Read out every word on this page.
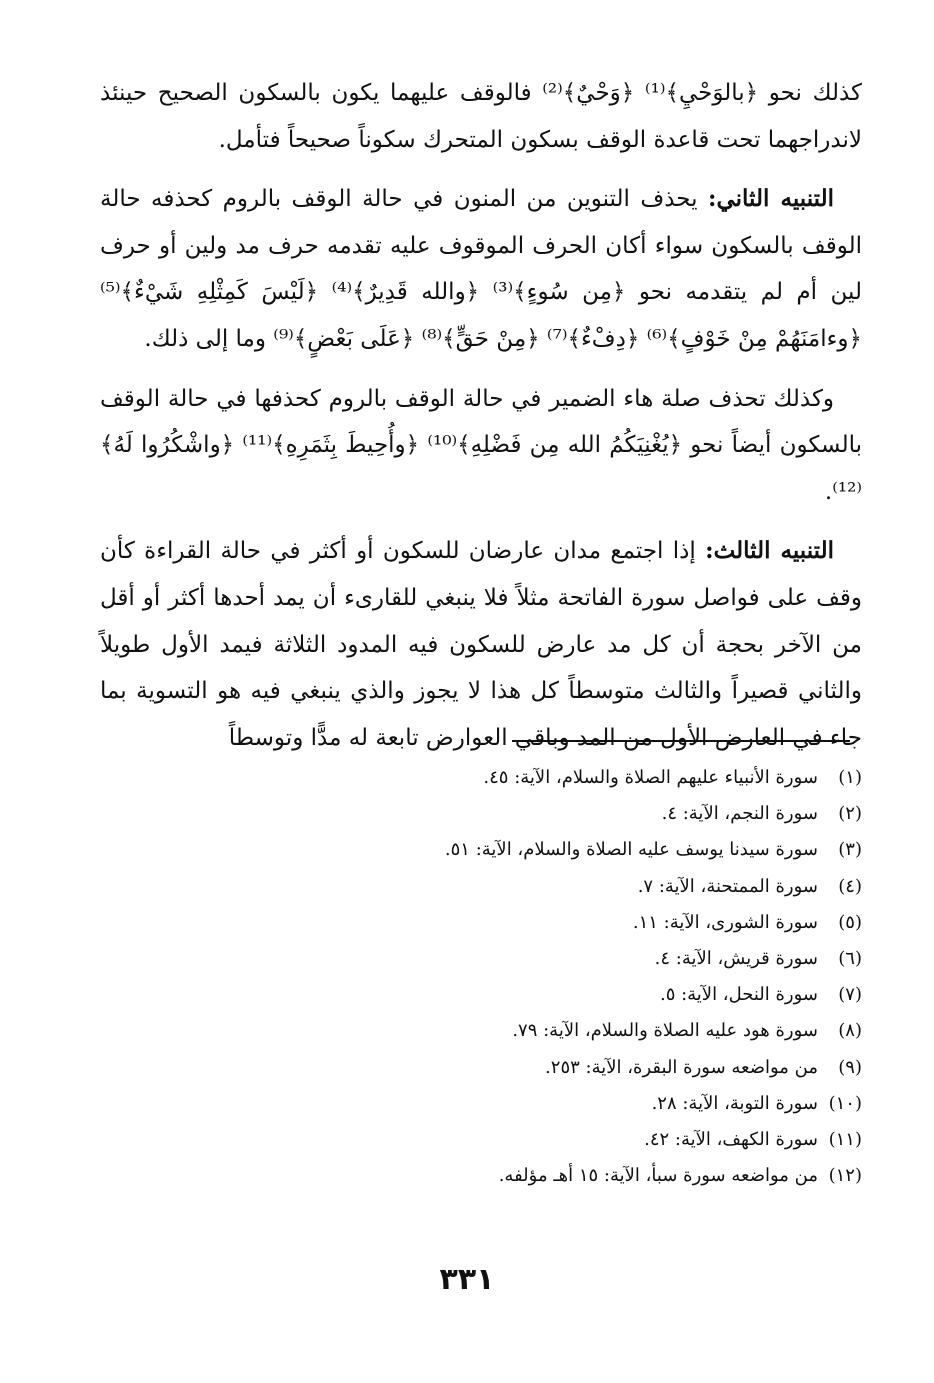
كذلك نحو ﴿بالوَحْيِ﴾⁽¹⁾ ﴿وَحْيٌ﴾⁽²⁾ فالوقف عليهما يكون بالسكون الصحيح حينئذ لاندراجهما تحت قاعدة الوقف بسكون المتحرك سكوناً صحيحاً فتأمل.

التنبيه الثاني: يحذف التنوين من المنون في حالة الوقف بالروم كحذفه حالة الوقف بالسكون سواء أكان الحرف الموقوف عليه تقدمه حرف مد ولين أو حرف لين أم لم يتقدمه نحو ﴿مِن سُوءٍ﴾⁽³⁾ ﴿والله قَدِيرٌ﴾⁽⁴⁾ ﴿لَيْسَ كَمِثْلِهِ شَيْءٌ﴾⁽⁵⁾ ﴿وءامَنَهُمْ مِنْ خَوْفٍ﴾⁽⁶⁾ ﴿دِفْءٌ﴾⁽⁷⁾ ﴿مِنْ حَقٍّ﴾⁽⁸⁾ ﴿عَلَى بَعْضٍ﴾⁽⁹⁾ وما إلى ذلك.

وكذلك تحذف صلة هاء الضمير في حالة الوقف بالروم كحذفها في حالة الوقف بالسكون أيضاً نحو ﴿يُغْنِيَكُمُ الله مِن فَضْلِهِ﴾⁽¹⁰⁾ ﴿وأُحِيطَ بِثَمَرِهِ﴾⁽¹¹⁾ ﴿واشْكُرُوا لَهُ﴾⁽¹²⁾.

التنبيه الثالث: إذا اجتمع مدان عارضان للسكون أو أكثر في حالة القراءة كأن وقف على فواصل سورة الفاتحة مثلاً فلا ينبغي للقارىء أن يمد أحدها أكثر أو أقل من الآخر بحجة أن كل مد عارض للسكون فيه المدود الثلاثة فيمد الأول طويلاً والثاني قصيراً والثالث متوسطاً كل هذا لا يجوز والذي ينبغي فيه هو التسوية بما جاء في العارض الأول من المد وباقي العوارض تابعة له مدًّا وتوسطاً

(١)
سورة الأنبياء عليهم الصلاة والسلام، الآية: ٤٥.
(٢)
سورة النجم، الآية: ٤.
(٣)
سورة سيدنا يوسف عليه الصلاة والسلام، الآية: ٥١.
(٤)
سورة الممتحنة، الآية: ٧.
(٥)
سورة الشورى، الآية: ١١.
(٦)
سورة قريش، الآية: ٤.
(٧)
سورة النحل، الآية: ٥.
(٨)
سورة هود عليه الصلاة والسلام، الآية: ٧٩.
(٩)
من مواضعه سورة البقرة، الآية: ٢٥٣.
(١٠)
سورة التوبة، الآية: ٢٨.
(١١)
سورة الكهف، الآية: ٤٢.
(١٢)
من مواضعه سورة سبأ، الآية: ١٥ أهـ مؤلفه.
٣٣١
